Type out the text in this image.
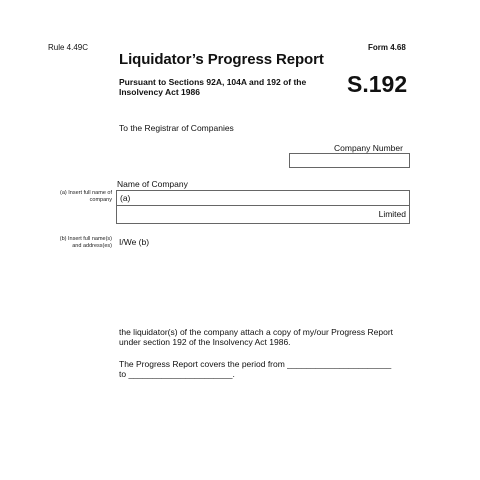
Rule 4.49C	Form 4.68
Liquidator’s Progress Report
Pursuant to Sections 92A, 104A and 192 of the
Insolvency Act 1986	S.192
To the Registrar of Companies
Company Number
Name of Company
(a)
Limited
(a) Insert full name of
company
(b) Insert full name(s)
and address(es) I/We (b)
the liquidator(s) of the company attach a copy of my/our Progress Report
under section 192 of the Insolvency Act 1986.
The Progress Report covers the period from ______________________
to ______________________.
